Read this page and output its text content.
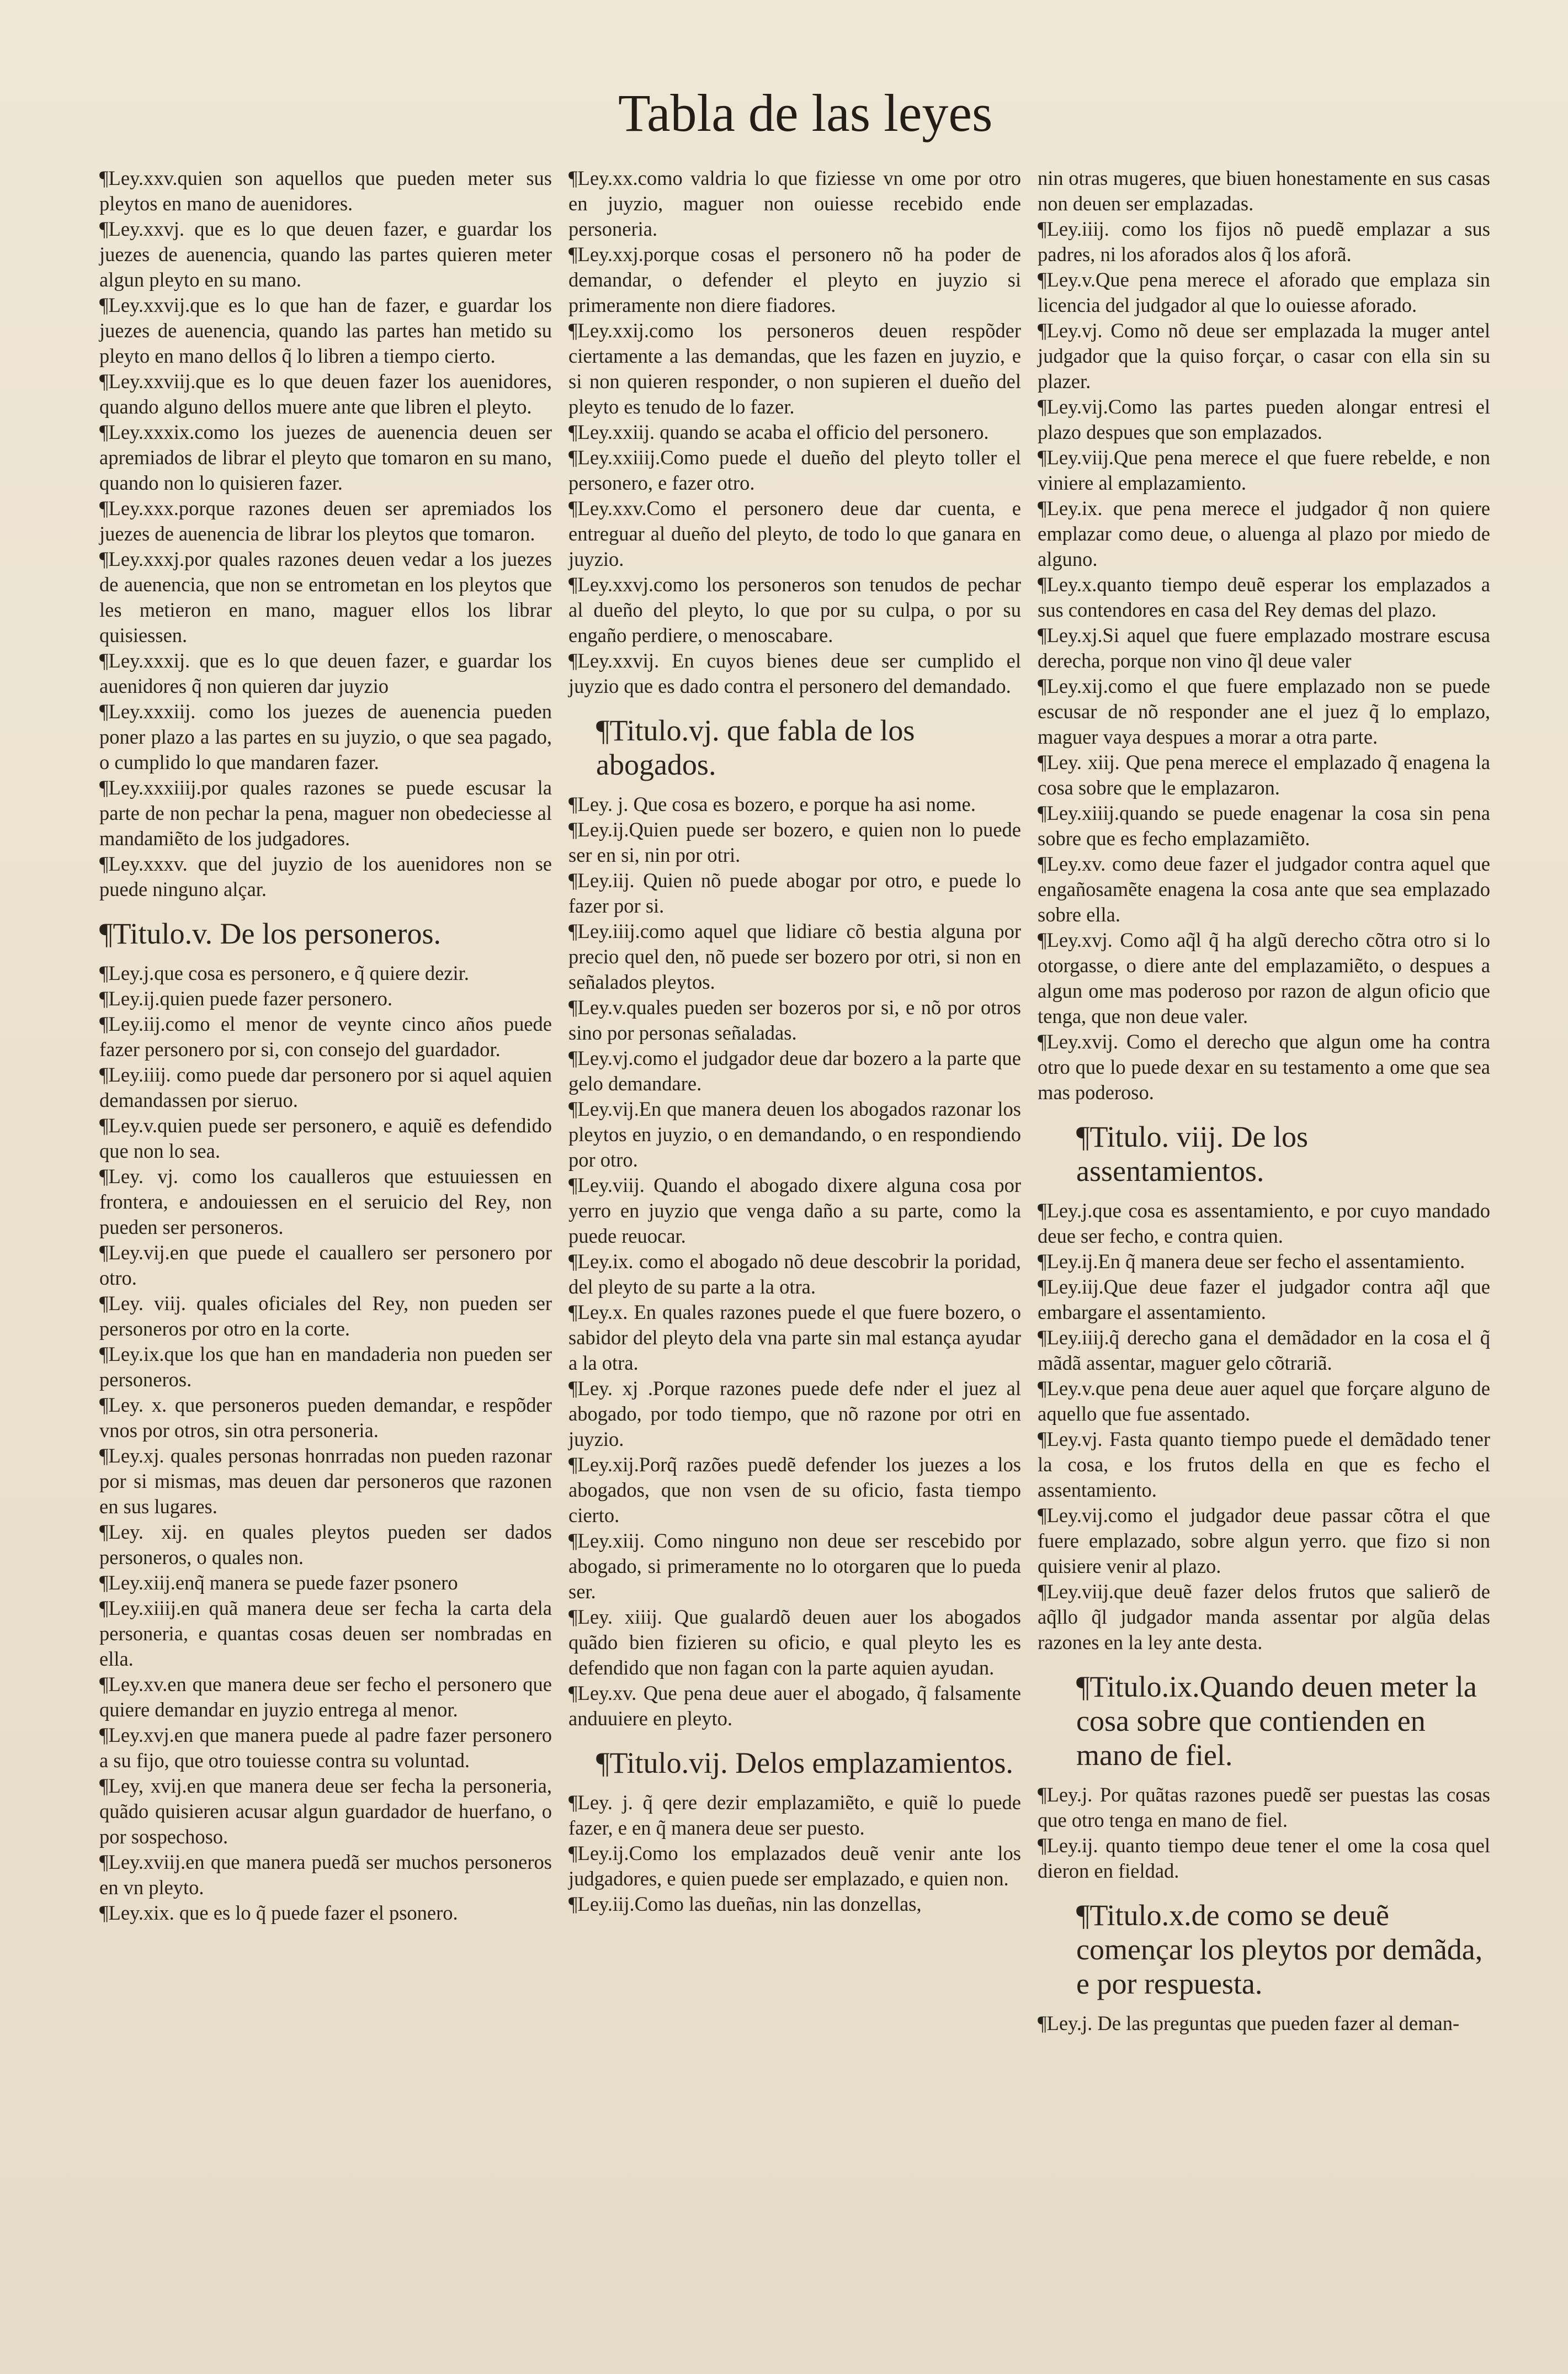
Tabla de las leyes
¶Ley.xxv.quien son aquellos que pueden meter sus pleytos en mano de auenidores.
¶Ley.xxvj. que es lo que deuen fazer, e guardar los juezes de auenencia, quando las partes quieren meter algun pleyto en su mano.
¶Ley.xxvij.que es lo que han de fazer, e guardar los juezes de auenencia, quando las partes han metido su pleyto en mano dellos q̃ lo libren a tiempo cierto.
¶Ley.xxviij.que es lo que deuen fazer los auenidores, quando alguno dellos muere ante que libren el pleyto.
¶Ley.xxxix.como los juezes de auenencia deuen ser apremiados de librar el pleyto que tomaron en su mano, quando non lo quisieren fazer.
¶Ley.xxx.porque razones deuen ser apremiados los juezes de auenencia de librar los pleytos que tomaron.
¶Ley.xxxj.por quales razones deuen vedar a los juezes de auenencia, que non se entrometan en los pleytos que les metieron en mano, maguer ellos los librar quisiessen.
¶Ley.xxxij. que es lo que deuen fazer, e guardar los auenidores q̃ non quieren dar juyzio
¶Ley.xxxiij. como los juezes de auenencia pueden poner plazo a las partes en su juyzio, o que sea pagado, o cumplido lo que mandaren fazer.
¶Ley.xxxiiij.por quales razones se puede escusar la parte de non pechar la pena, maguer non obedeciesse al mandamiẽto de los judgadores.
¶Ley.xxxv. que del juyzio de los auenidores non se puede ninguno alçar.
¶Titulo.v. De los personeros.
¶Ley.j.que cosa es personero, e q̃ quiere dezir.
¶Ley.ij.quien puede fazer personero.
¶Ley.iij.como el menor de veynte cinco años puede fazer personero por si, con consejo del guardador.
¶Ley.iiij. como puede dar personero por si aquel aquien demandassen por sieruo.
¶Ley.v.quien puede ser personero, e aquiẽ es defendido que non lo sea.
¶Ley. vj. como los caualleros que estuuiessen en frontera, e andouiessen en el seruicio del Rey, non pueden ser personeros.
¶Ley.vij.en que puede el cauallero ser personero por otro.
¶Ley. viij. quales oficiales del Rey, non pueden ser personeros por otro en la corte.
¶Ley.ix.que los que han en mandaderia non pueden ser personeros.
¶Ley. x. que personeros pueden demandar, e respõder vnos por otros, sin otra personeria.
¶Ley.xj. quales personas honrradas non pueden razonar por si mismas, mas deuen dar personeros que razonen en sus lugares.
¶Ley. xij. en quales pleytos pueden ser dados personeros, o quales non.
¶Ley.xiij.enq̃ manera se puede fazer psonero
¶Ley.xiiij.en quã manera deue ser fecha la carta dela personeria, e quantas cosas deuen ser nombradas en ella.
¶Ley.xv.en que manera deue ser fecho el personero que quiere demandar en juyzio entrega al menor.
¶Ley.xvj.en que manera puede al padre fazer personero a su fijo, que otro touiesse contra su voluntad.
¶Ley, xvij.en que manera deue ser fecha la personeria, quãdo quisieren acusar algun guardador de huerfano, o por sospechoso.
¶Ley.xviij.en que manera puedã ser muchos personeros en vn pleyto.
¶Ley.xix. que es lo q̃ puede fazer el psonero.
¶Ley.xx.como valdria lo que fiziesse vn ome por otro en juyzio, maguer non ouiesse recebido ende personeria.
¶Ley.xxj.porque cosas el personero nõ ha poder de demandar, o defender el pleyto en juyzio si primeramente non diere fiadores.
¶Ley.xxij.como los personeros deuen respõder ciertamente a las demandas, que les fazen en juyzio, e si non quieren responder, o non supieren el dueño del pleyto es tenudo de lo fazer.
¶Ley.xxiij. quando se acaba el officio del personero.
¶Ley.xxiiij.Como puede el dueño del pleyto toller el personero, e fazer otro.
¶Ley.xxv.Como el personero deue dar cuenta, e entreguar al dueño del pleyto, de todo lo que ganara en juyzio.
¶Ley.xxvj.como los personeros son tenudos de pechar al dueño del pleyto, lo que por su culpa, o por su engaño perdiere, o menoscabare.
¶Ley.xxvij. En cuyos bienes deue ser cumplido el juyzio que es dado contra el personero del demandado.
¶Titulo.vj. que fabla de los abogados.
¶Ley. j. Que cosa es bozero, e porque ha asi nome.
¶Ley.ij.Quien puede ser bozero, e quien non lo puede ser en si, nin por otri.
¶Ley.iij. Quien nõ puede abogar por otro, e puede lo fazer por si.
¶Ley.iiij.como aquel que lidiare cõ bestia alguna por precio quel den, nõ puede ser bozero por otri, si non en señalados pleytos.
¶Ley.v.quales pueden ser bozeros por si, e nõ por otros sino por personas señaladas.
¶Ley.vj.como el judgador deue dar bozero a la parte que gelo demandare.
¶Ley.vij.En que manera deuen los abogados razonar los pleytos en juyzio, o en demandando, o en respondiendo por otro.
¶Ley.viij. Quando el abogado dixere alguna cosa por yerro en juyzio que venga daño a su parte, como la puede reuocar.
¶Ley.ix. como el abogado nõ deue descobrir la poridad, del pleyto de su parte a la otra.
¶Ley.x. En quales razones puede el que fuere bozero, o sabidor del pleyto dela vna parte sin mal estança ayudar a la otra.
¶Ley. xj .Porque razones puede defe nder el juez al abogado, por todo tiempo, que nõ razone por otri en juyzio.
¶Ley.xij.Porq̃ razões puedẽ defender los juezes a los abogados, que non vsen de su oficio, fasta tiempo cierto.
¶Ley.xiij. Como ninguno non deue ser rescebido por abogado, si primeramente no lo otorgaren que lo pueda ser.
¶Ley. xiiij. Que gualardõ deuen auer los abogados quãdo bien fizieren su oficio, e qual pleyto les es defendido que non fagan con la parte aquien ayudan.
¶Ley.xv. Que pena deue auer el abogado, q̃ falsamente anduuiere en pleyto.
¶Titulo.vij. Delos emplazamientos.
¶Ley. j. q̃ qere dezir emplazamiẽto, e quiẽ lo puede fazer, e en q̃ manera deue ser puesto.
¶Ley.ij.Como los emplazados deuẽ venir ante los judgadores, e quien puede ser emplazado, e quien non.
¶Ley.iij.Como las dueñas, nin las donzellas,
nin otras mugeres, que biuen honestamente en sus casas non deuen ser emplazadas.
¶Ley.iiij. como los fijos nõ puedẽ emplazar a sus padres, ni los aforados alos q̃ los aforã.
¶Ley.v.Que pena merece el aforado que emplaza sin licencia del judgador al que lo ouiesse aforado.
¶Ley.vj. Como nõ deue ser emplazada la muger antel judgador que la quiso forçar, o casar con ella sin su plazer.
¶Ley.vij.Como las partes pueden alongar entresi el plazo despues que son emplazados.
¶Ley.viij.Que pena merece el que fuere rebelde, e non viniere al emplazamiento.
¶Ley.ix. que pena merece el judgador q̃ non quiere emplazar como deue, o aluenga al plazo por miedo de alguno.
¶Ley.x.quanto tiempo deuẽ esperar los emplazados a sus contendores en casa del Rey demas del plazo.
¶Ley.xj.Si aquel que fuere emplazado mostrare escusa derecha, porque non vino q̃l deue valer
¶Ley.xij.como el que fuere emplazado non se puede escusar de nõ responder ane el juez q̃ lo emplazo, maguer vaya despues a morar a otra parte.
¶Ley. xiij. Que pena merece el emplazado q̃ enagena la cosa sobre que le emplazaron.
¶Ley.xiiij.quando se puede enagenar la cosa sin pena sobre que es fecho emplazamiẽto.
¶Ley.xv. como deue fazer el judgador contra aquel que engañosamẽte enagena la cosa ante que sea emplazado sobre ella.
¶Ley.xvj. Como aq̃l q̃ ha algũ derecho cõtra otro si lo otorgasse, o diere ante del emplazamiẽto, o despues a algun ome mas poderoso por razon de algun oficio que tenga, que non deue valer.
¶Ley.xvij. Como el derecho que algun ome ha contra otro que lo puede dexar en su testamento a ome que sea mas poderoso.
¶Titulo. viij. De los assentamientos.
¶Ley.j.que cosa es assentamiento, e por cuyo mandado deue ser fecho, e contra quien.
¶Ley.ij.En q̃ manera deue ser fecho el assentamiento.
¶Ley.iij.Que deue fazer el judgador contra aq̃l que embargare el assentamiento.
¶Ley.iiij.q̃ derecho gana el demãdador en la cosa el q̃ mãdã assentar, maguer gelo cõtrariã.
¶Ley.v.que pena deue auer aquel que forçare alguno de aquello que fue assentado.
¶Ley.vj. Fasta quanto tiempo puede el demãdado tener la cosa, e los frutos della en que es fecho el assentamiento.
¶Ley.vij.como el judgador deue passar cõtra el que fuere emplazado, sobre algun yerro. que fizo si non quisiere venir al plazo.
¶Ley.viij.que deuẽ fazer delos frutos que salierõ de aq̃llo q̃l judgador manda assentar por algũa delas razones en la ley ante desta.
¶Titulo.ix.Quando deuen meter la cosa sobre que contienden en mano de fiel.
¶Ley.j. Por quãtas razones puedẽ ser puestas las cosas que otro tenga en mano de fiel.
¶Ley.ij. quanto tiempo deue tener el ome la cosa quel dieron en fieldad.
¶Titulo.x.de como se deuẽ començar los pleytos por demãda, e por respuesta.
¶Ley.j. De las preguntas que pueden fazer al deman-
